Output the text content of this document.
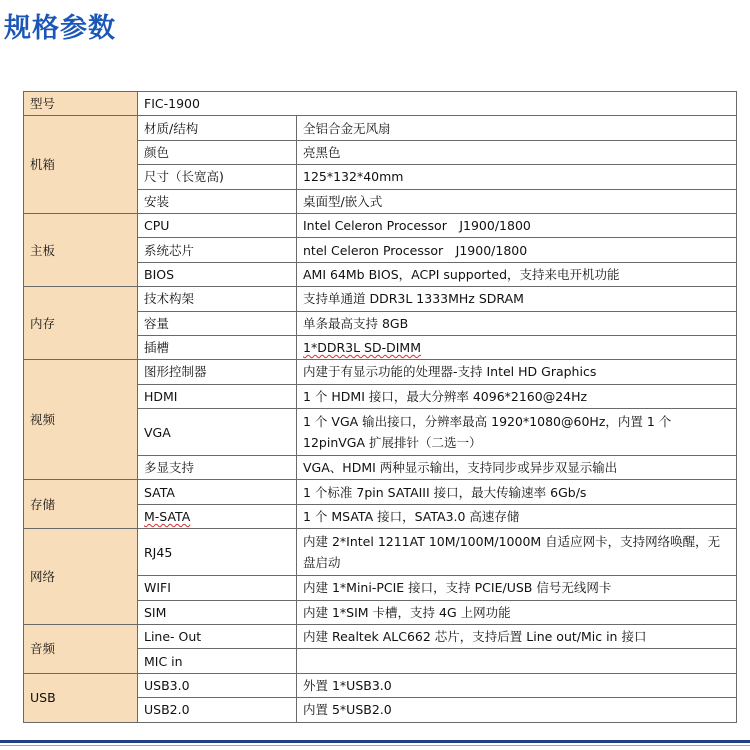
规格参数
型号	FIC-1900	
机箱	材质/结构	全铝合金无风扇
	颜色	亮黑色
	尺寸（长宽高)	125*132*40mm
	安装	桌面型/嵌入式
主板	CPU	Intel Celeron Processor　J1900/1800
	系统芯片	ntel Celeron Processor　J1900/1800
	BIOS	AMI 64Mb BIOS，ACPI supported，支持来电开机功能
内存	技术构架	支持单通道 DDR3L 1333MHz SDRAM
	容量	单条最高支持 8GB
	插槽	1*DDR3L SD-DIMM
视频	图形控制器	内建于有显示功能的处理器-支持 Intel HD Graphics
	HDMI	1 个 HDMI 接口，最大分辨率 4096*2160@24Hz
	VGA	1 个 VGA 输出接口，分辨率最高 1920*1080@60Hz，内置 1 个 12pinVGA 扩展排针（二选一）
	多显支持	VGA、HDMI 两种显示输出，支持同步或异步双显示输出
存储	SATA	1 个标准 7pin SATAIII 接口，最大传输速率 6Gb/s
	M-SATA	1 个 MSATA 接口，SATA3.0 高速存储
网络	RJ45	内建 2*Intel 1211AT 10M/100M/1000M 自适应网卡，支持网络唤醒，无盘启动
	WIFI	内建 1*Mini-PCIE 接口，支持 PCIE/USB 信号无线网卡
	SIM	内建 1*SIM 卡槽，支持 4G 上网功能
音频	Line- Out	内建 Realtek ALC662 芯片，支持后置 Line out/Mic in 接口
	MIC in	
USB	USB3.0	外置 1*USB3.0
	USB2.0	内置 5*USB2.0
